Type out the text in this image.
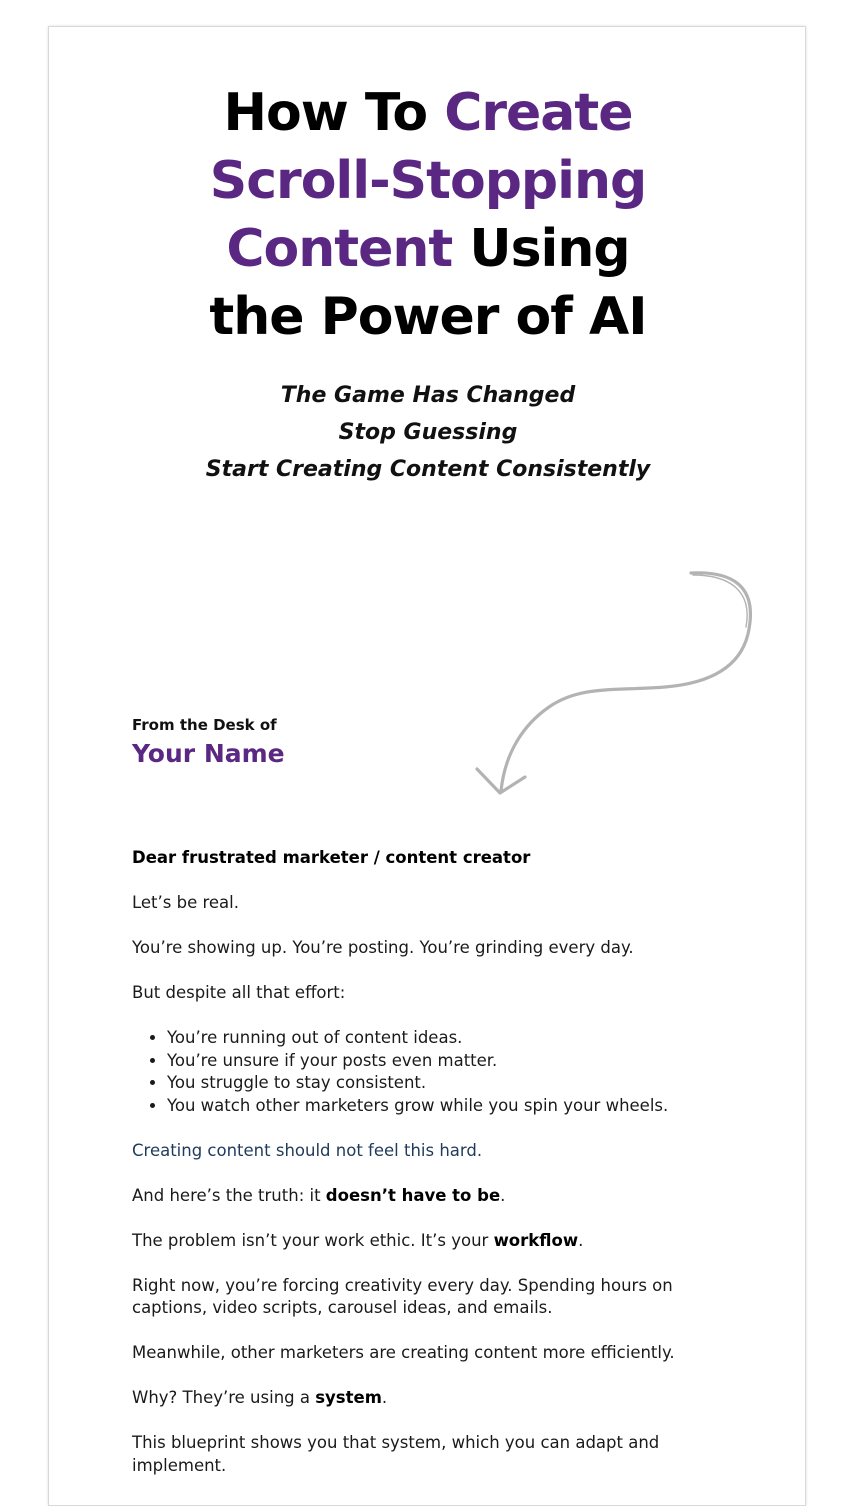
How To Create
Scroll-Stopping
Content Using
the Power of AI
The Game Has Changed
Stop Guessing
Start Creating Content Consistently
From the Desk of
Your Name

Dear frustrated marketer / content creator

Let’s be real.

You’re showing up. You’re posting. You’re grinding every day.

But despite all that effort:

• You’re running out of content ideas.
• You’re unsure if your posts even matter.
• You struggle to stay consistent.
• You watch other marketers grow while you spin your wheels.

Creating content should not feel this hard.

And here’s the truth: it doesn’t have to be.

The problem isn’t your work ethic. It’s your workflow.

Right now, you’re forcing creativity every day. Spending hours on captions, video scripts, carousel ideas, and emails.

Meanwhile, other marketers are creating content more efficiently.

Why? They’re using a system.

This blueprint shows you that system, which you can adapt and implement.
